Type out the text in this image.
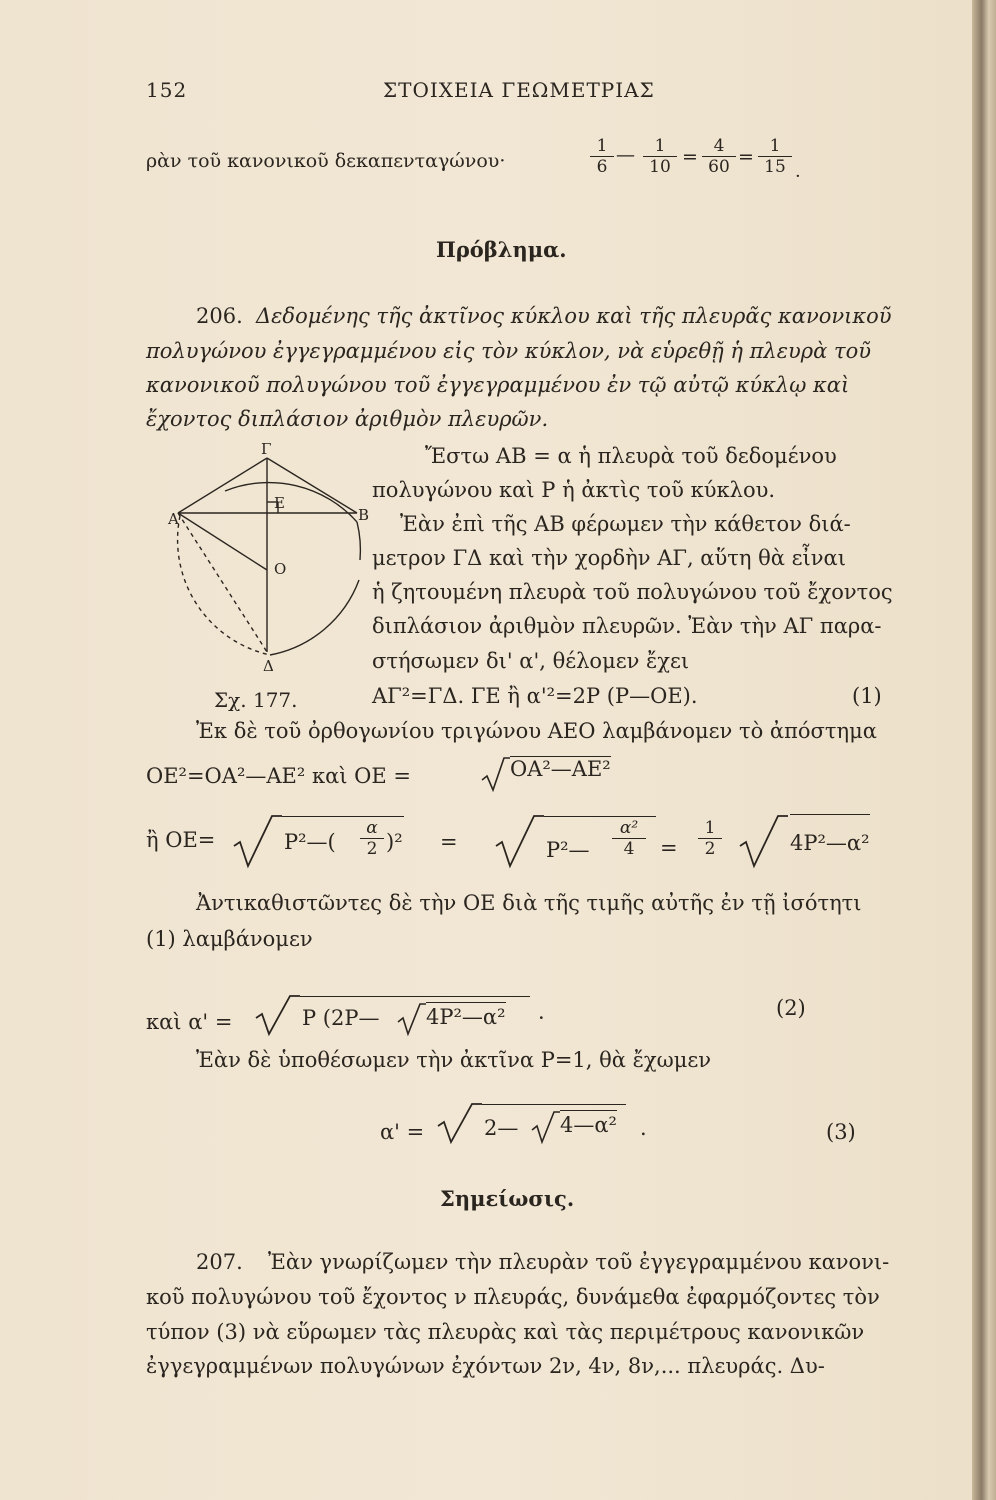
152	ΣΤΟΙΧΕΙΑ ΓΕΩΜΕΤΡΙΑΣ
ρὰν τοῦ κανονικοῦ δεκαπενταγώνου·	$\frac{1}{6}$ — $\frac{1}{10} = \frac{4}{60} = \frac{1}{15}$ ·
Πρόβλημα.
206. Δεδομένης τῆς ἀκτῖνος κύκλου καὶ τῆς πλευρᾶς κανονικοῦ
πολυγώνου ἐγγεγραμμένου εἰς τὸν κύκλον, νὰ εὑρεθῇ ἡ πλευρὰ τοῦ
κανονικοῦ πολυγώνου τοῦ ἐγγεγραμμένου ἐν τῷ αὐτῷ κύκλῳ καὶ
ἔχοντος διπλάσιον ἀριθμὸν πλευρῶν.
Γ
Ε
Α	Β
Ο
Δ
Σχ. 177.
Ἔστω ΑΒ = α ἡ πλευρὰ τοῦ δεδομένου
πολυγώνου καὶ Ρ ἡ ἀκτὶς τοῦ κύκλου.
Ἐὰν ἐπὶ τῆς ΑΒ φέρωμεν τὴν κάθετον διά-
μετρον ΓΔ καὶ τὴν χορδὴν ΑΓ, αὕτη θὰ εἶναι
ἡ ζητουμένη πλευρὰ τοῦ πολυγώνου τοῦ ἔχοντος
διπλάσιον ἀριθμὸν πλευρῶν. Ἐὰν τὴν ΑΓ παρα-
στήσωμεν δι' α', θέλομεν ἔχει
ΑΓ²=ΓΔ. ΓΕ ἢ α'²=2Ρ (Ρ—ΟΕ).	(1)
Ἐκ δὲ τοῦ ὀρθογωνίου τριγώνου ΑΕΟ λαμβάνομεν τὸ ἀπόστημα
ΟΕ²=ΟΑ²—ΑΕ² καὶ ΟΕ =	ΟΑ²—ΑΕ²
ἢ ΟΕ=	Ρ²—( $\frac{\alpha}{2} )^2$ =	Ρ²— $\frac{\text{α²}}{4} = \frac{1}{2}$	4Ρ²—α²
Ἀντικαθιστῶντες δὲ τὴν ΟΕ διὰ τῆς τιμῆς αὐτῆς ἐν τῇ ἰσότητι
(1) λαμβάνομεν
καὶ α' =	Ρ (2Ρ— 4Ρ²—α² ·	(2)
Ἐὰν δὲ ὑποθέσωμεν τὴν ἀκτῖνα Ρ=1, θὰ ἔχωμεν
α' =	2— 4—α² .	(3)
Σημείωσις.
207. Ἐὰν γνωρίζωμεν τὴν πλευρὰν τοῦ ἐγγεγραμμένου κανονι-
κοῦ πολυγώνου τοῦ ἔχοντος ν πλευράς, δυνάμεθα ἐφαρμόζοντες τὸν
τύπον (3) νὰ εὕρωμεν τὰς πλευρὰς καὶ τὰς περιμέτρους κανονικῶν
ἐγγεγραμμένων πολυγώνων ἐχόντων 2ν, 4ν, 8ν,... πλευράς. Δυ-
